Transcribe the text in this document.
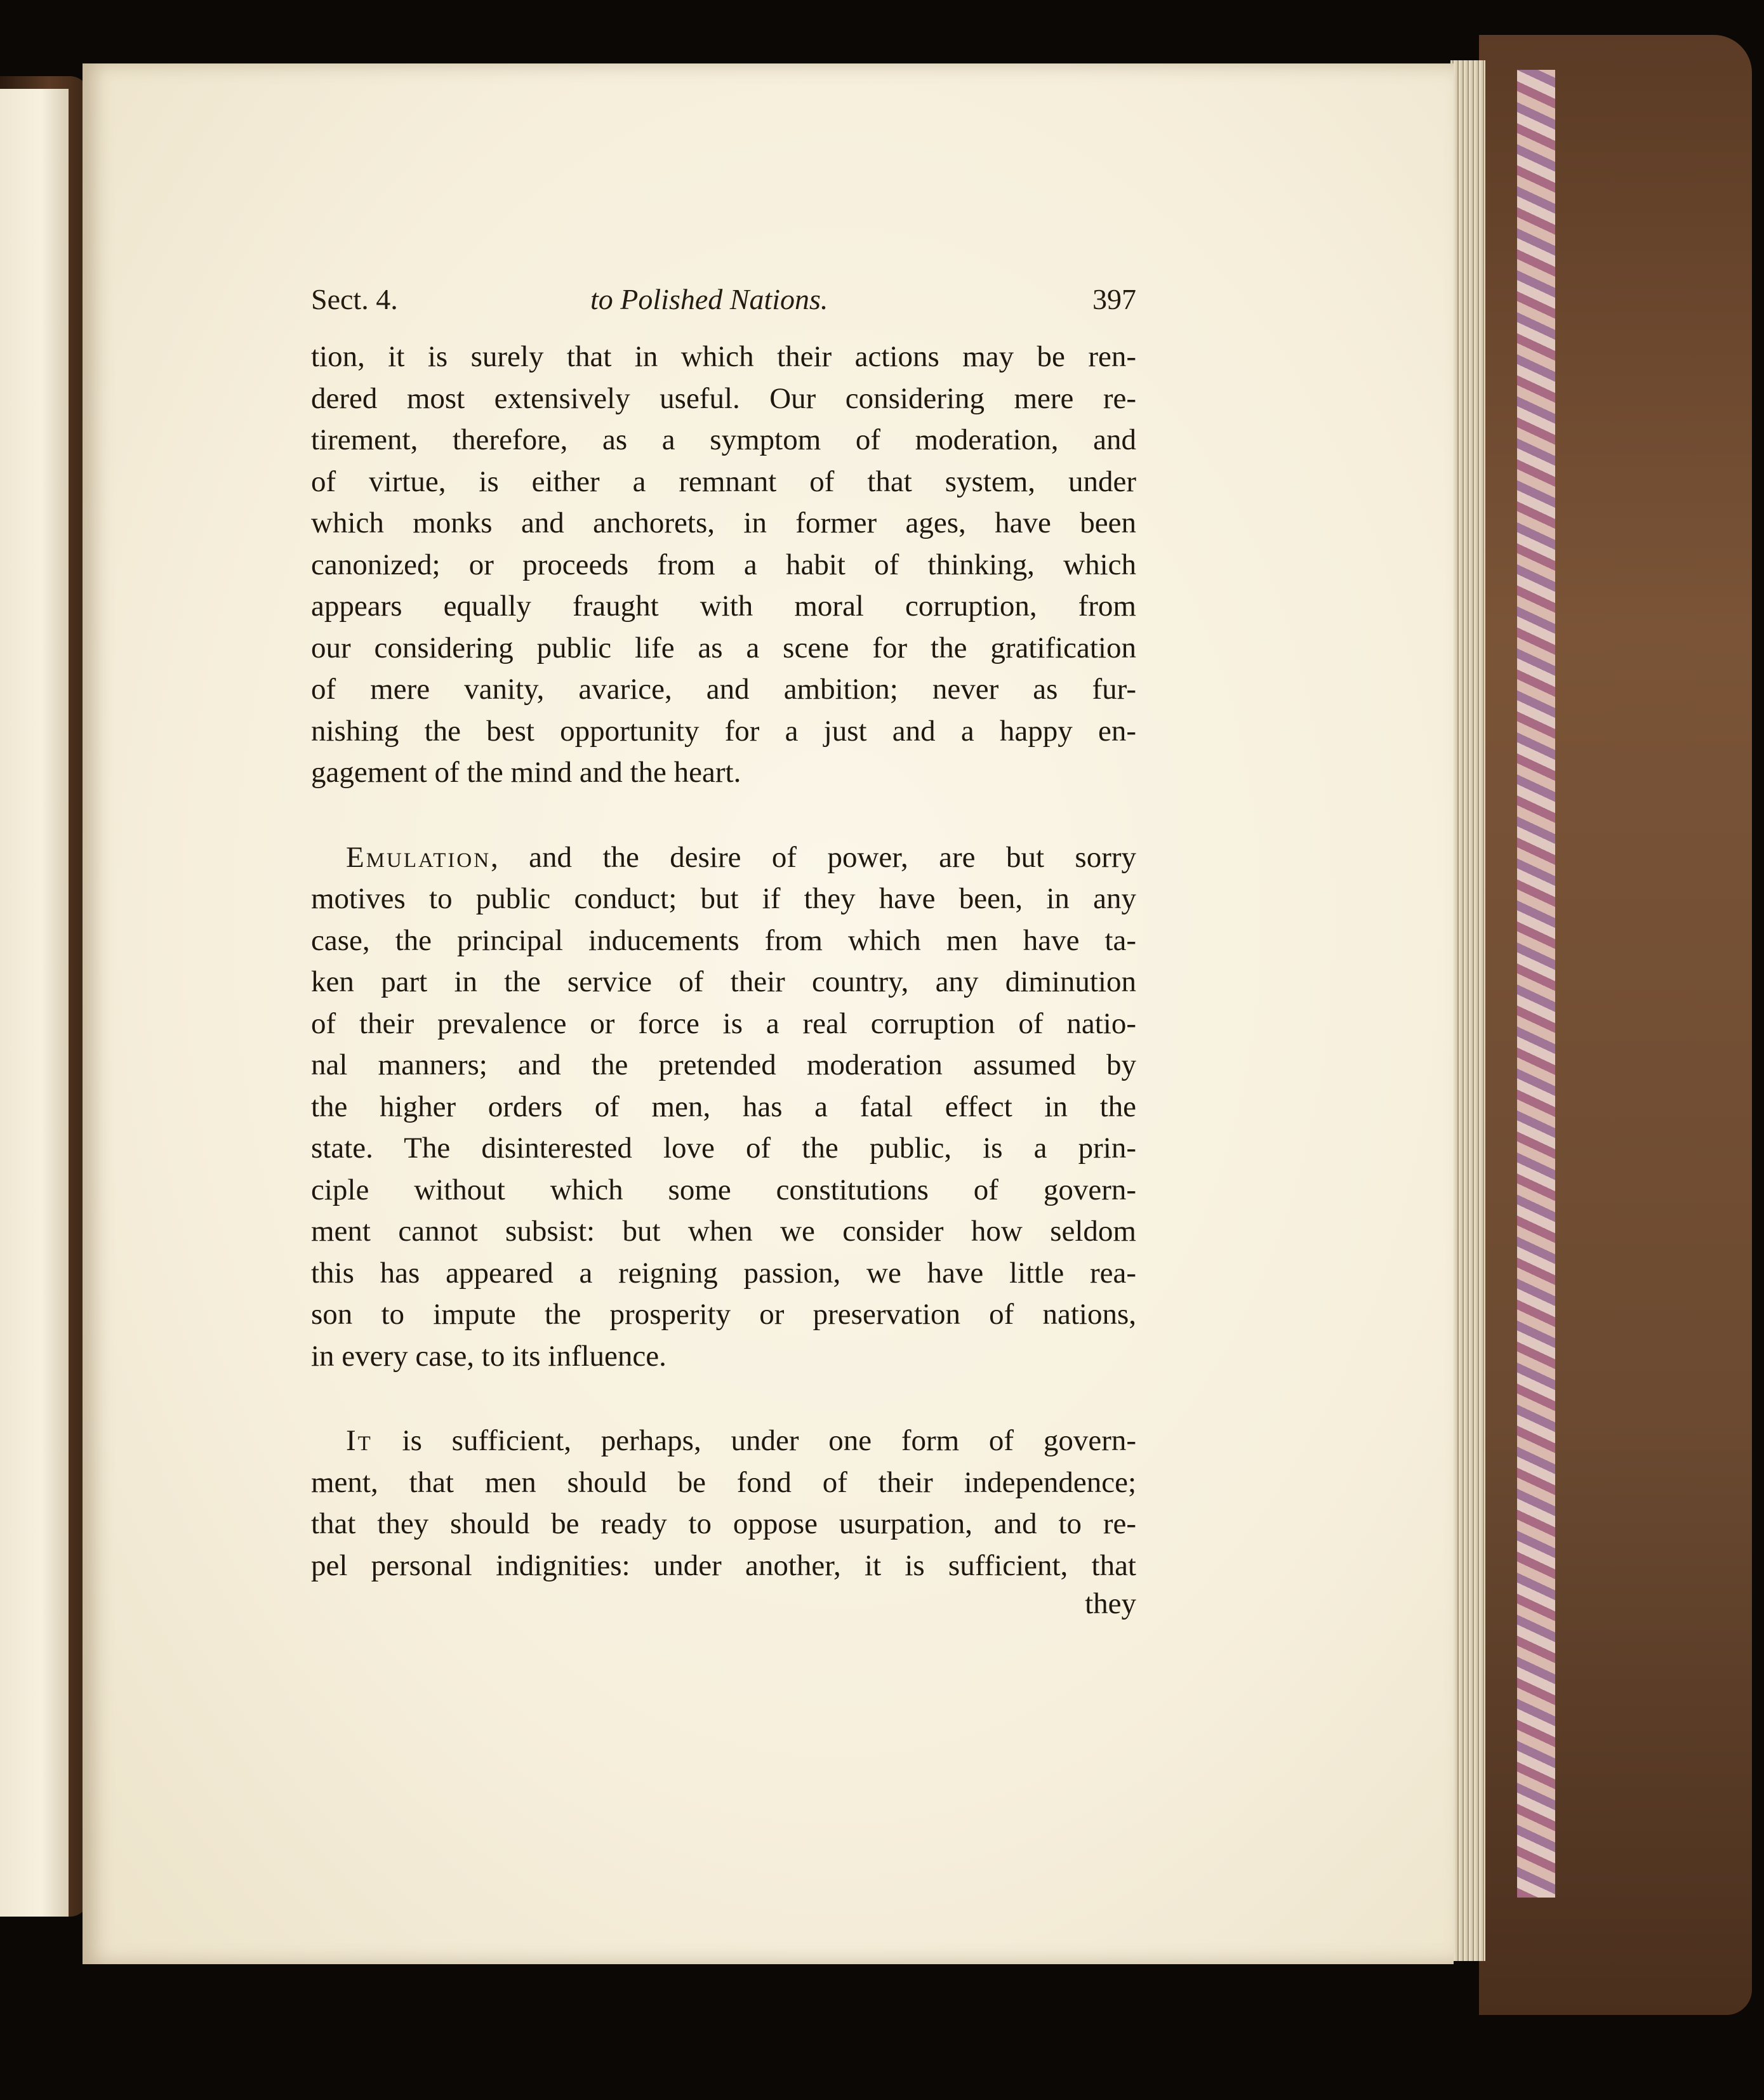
Sect. 4.	to Polished Nations.	397
tion, it is surely that in which their actions may be ren-
dered most extensively useful. Our considering mere re-
tirement, therefore, as a symptom of moderation, and
of virtue, is either a remnant of that system, under
which monks and anchorets, in former ages, have been
canonized; or proceeds from a habit of thinking, which
appears equally fraught with moral corruption, from
our considering public life as a scene for the gratification
of mere vanity, avarice, and ambition; never as fur-
nishing the best opportunity for a just and a happy en-
gagement of the mind and the heart.
Emulation, and the desire of power, are but sorry
motives to public conduct; but if they have been, in any
case, the principal inducements from which men have ta-
ken part in the service of their country, any diminution
of their prevalence or force is a real corruption of natio-
nal manners; and the pretended moderation assumed by
the higher orders of men, has a fatal effect in the
state. The disinterested love of the public, is a prin-
ciple without which some constitutions of govern-
ment cannot subsist: but when we consider how seldom
this has appeared a reigning passion, we have little rea-
son to impute the prosperity or preservation of nations,
in every case, to its influence.
It is sufficient, perhaps, under one form of govern-
ment, that men should be fond of their independence;
that they should be ready to oppose usurpation, and to re-
pel personal indignities: under another, it is sufficient, that
they
